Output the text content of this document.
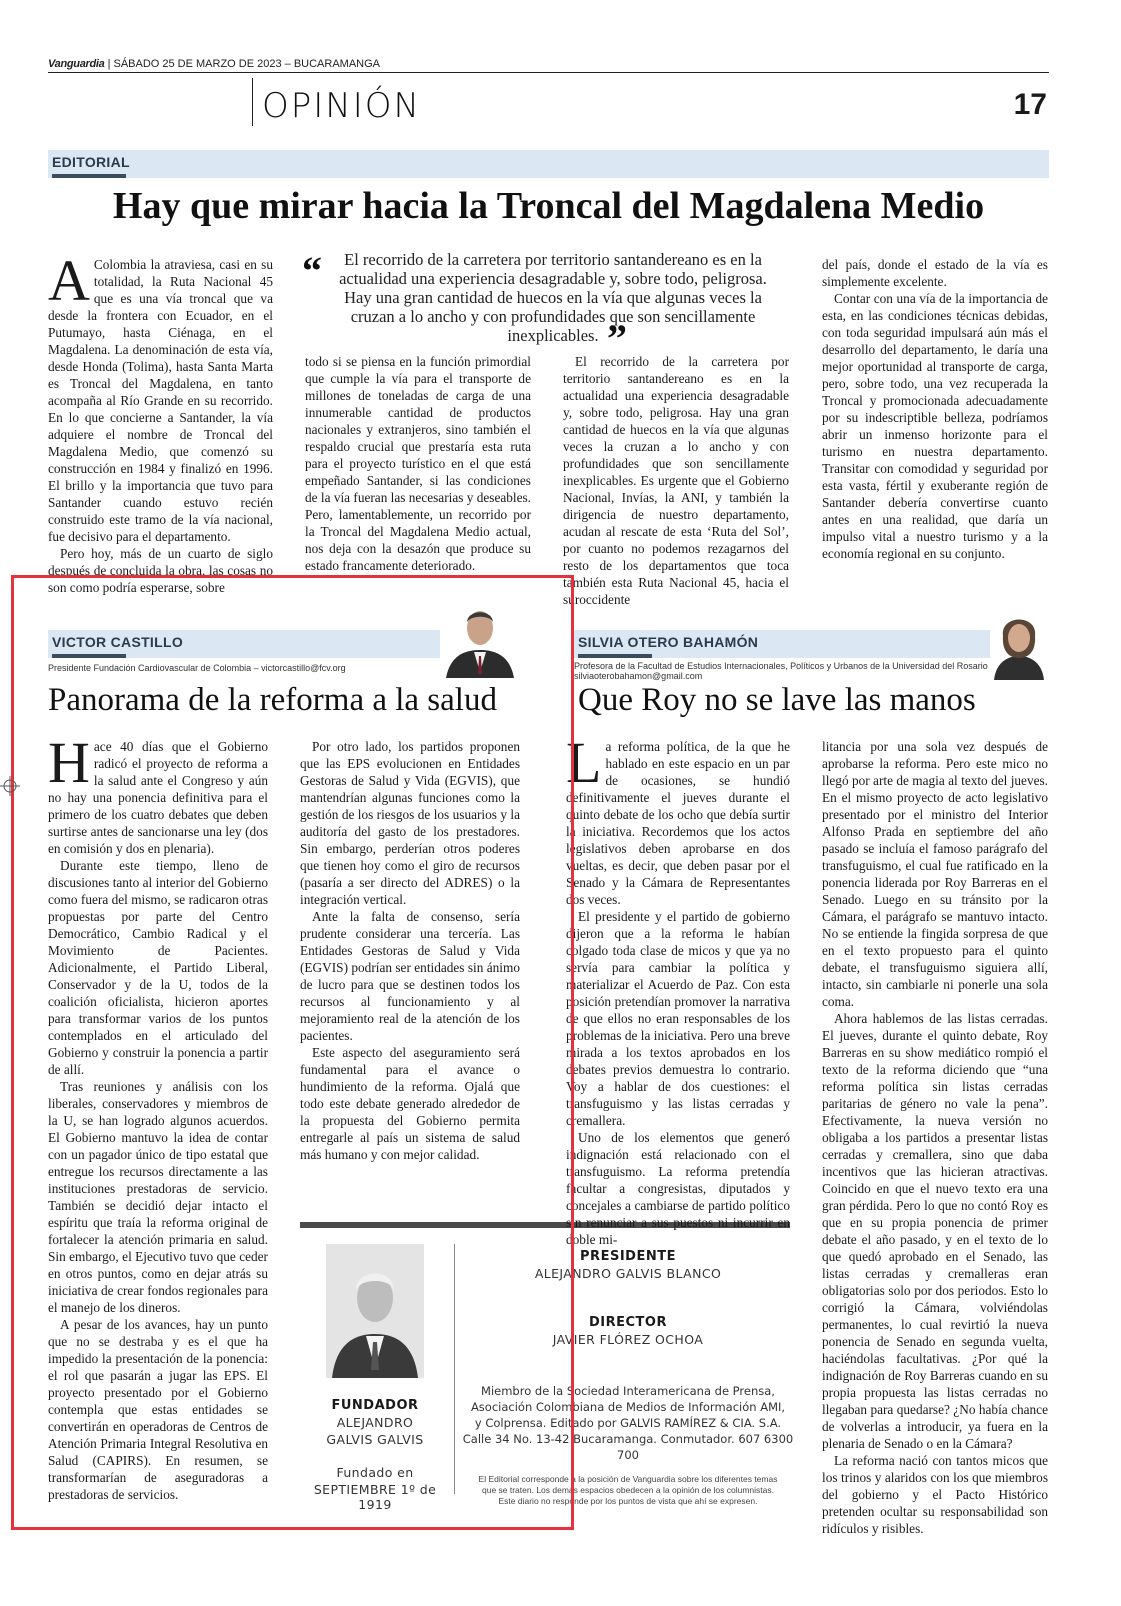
Vanguardia | SÁBADO 25 DE MARZO DE 2023 – BUCARAMANGA
OPINIÓN	17
EDITORIAL
Hay que mirar hacia la Troncal del Magdalena Medio

A Colombia la atraviesa, casi en su totalidad, la Ruta Nacional 45 que es una vía troncal que va desde la frontera con Ecuador, en el Putumayo, hasta Ciénaga, en el Magdalena. La denominación de esta vía, desde Honda (Tolima), hasta Santa Marta es Troncal del Magdalena, en tanto acompaña al Río Grande en su recorrido. En lo que concierne a Santander, la vía adquiere el nombre de Troncal del Magdalena Medio, que comenzó su construcción en 1984 y finalizó en 1996. El brillo y la importancia que tuvo para Santander cuando estuvo recién construido este tramo de la vía nacional, fue decisivo para el departamento.

Pero hoy, más de un cuarto de siglo después de concluida la obra, las cosas no son como podría esperarse, sobre

“	El recorrido de la carretera por territorio santandereano es en la actualidad una experiencia desagradable y, sobre todo, peligrosa. Hay una gran cantidad de huecos en la vía que algunas veces la cruzan a lo ancho y con profundidades que son sencillamente inexplicables. ”

todo si se piensa en la función primordial que cumple la vía para el transporte de millones de toneladas de carga de una innumerable cantidad de productos nacionales y extranjeros, sino también el respaldo crucial que prestaría esta ruta para el proyecto turístico en el que está empeñado Santander, si las condiciones de la vía fueran las necesarias y deseables. Pero, lamentablemente, un recorrido por la Troncal del Magdalena Medio actual, nos deja con la desazón que produce su estado francamente deteriorado.

El recorrido de la carretera por territorio santandereano es en la actualidad una experiencia desagradable y, sobre todo, peligrosa. Hay una gran cantidad de huecos en la vía que algunas veces la cruzan a lo ancho y con profundidades que son sencillamente inexplicables. Es urgente que el Gobierno Nacional, Invías, la ANI, y también la dirigencia de nuestro departamento, acudan al rescate de esta ‘Ruta del Sol’, por cuanto no podemos rezagarnos del resto de los departamentos que toca también esta Ruta Nacional 45, hacia el suroccidente

del país, donde el estado de la vía es simplemente excelente.

Contar con una vía de la importancia de esta, en las condiciones técnicas debidas, con toda seguridad impulsará aún más el desarrollo del departamento, le daría una mejor oportunidad al transporte de carga, pero, sobre todo, una vez recuperada la Troncal y promocionada adecuadamente por su indescriptible belleza, podríamos abrir un inmenso horizonte para el turismo en nuestra departamento. Transitar con comodidad y seguridad por esta vasta, fértil y exuberante región de Santander debería convertirse cuanto antes en una realidad, que daría un impulso vital a nuestro turismo y a la economía regional en su conjunto.

VICTOR CASTILLO
Presidente Fundación Cardiovascular de Colombia – victorcastillo@fcv.org
Panorama de la reforma a la salud

Hace 40 días que el Gobierno radicó el proyecto de reforma a la salud ante el Congreso y aún no hay una ponencia definitiva para el primero de los cuatro debates que deben surtirse antes de sancionarse una ley (dos en comisión y dos en plenaria).

Durante este tiempo, lleno de discusiones tanto al interior del Gobierno como fuera del mismo, se radicaron otras propuestas por parte del Centro Democrático, Cambio Radical y el Movimiento de Pacientes. Adicionalmente, el Partido Liberal, Conservador y de la U, todos de la coalición oficialista, hicieron aportes para transformar varios de los puntos contemplados en el articulado del Gobierno y construir la ponencia a partir de allí.

Tras reuniones y análisis con los liberales, conservadores y miembros de la U, se han logrado algunos acuerdos. El Gobierno mantuvo la idea de contar con un pagador único de tipo estatal que entregue los recursos directamente a las instituciones prestadoras de servicio. También se decidió dejar intacto el espíritu que traía la reforma original de fortalecer la atención primaria en salud. Sin embargo, el Ejecutivo tuvo que ceder en otros puntos, como en dejar atrás su iniciativa de crear fondos regionales para el manejo de los dineros.

A pesar de los avances, hay un punto que no se destraba y es el que ha impedido la presentación de la ponencia: el rol que pasarán a jugar las EPS. El proyecto presentado por el Gobierno contempla que estas entidades se convertirán en operadoras de Centros de Atención Primaria Integral Resolutiva en Salud (CAPIRS). En resumen, se transformarían de aseguradoras a prestadoras de servicios.

Por otro lado, los partidos proponen que las EPS evolucionen en Entidades Gestoras de Salud y Vida (EGVIS), que mantendrían algunas funciones como la gestión de los riesgos de los usuarios y la auditoría del gasto de los prestadores. Sin embargo, perderían otros poderes que tienen hoy como el giro de recursos (pasaría a ser directo del ADRES) o la integración vertical.

Ante la falta de consenso, sería prudente considerar una tercería. Las Entidades Gestoras de Salud y Vida (EGVIS) podrían ser entidades sin ánimo de lucro para que se destinen todos los recursos al funcionamiento y al mejoramiento real de la atención de los pacientes.

Este aspecto del aseguramiento será fundamental para el avance o hundimiento de la reforma. Ojalá que todo este debate generado alrededor de la propuesta del Gobierno permita entregarle al país un sistema de salud más humano y con mejor calidad.

FUNDADOR
ALEJANDRO
GALVIS GALVIS
Fundado en
SEPTIEMBRE 1º de 1919
PRESIDENTE
ALEJANDRO GALVIS BLANCO
DIRECTOR
JAVIER FLÓREZ OCHOA
Miembro de la Sociedad Interamericana de Prensa,
Asociación Colombiana de Medios de Información AMI,
y Colprensa. Editado por GALVIS RAMÍREZ & CIA. S.A.
Calle 34 No. 13-42 Bucaramanga. Conmutador. 607 6300 700
El Editorial corresponde a la posición de Vanguardia sobre los diferentes temas
que se traten. Los demás espacios obedecen a la opinión de los columnistas.
Este diario no responde por los puntos de vista que ahí se expresen.
SILVIA OTERO BAHAMÓN
Profesora de la Facultad de Estudios Internacionales, Políticos y Urbanos de la Universidad del Rosario
silviaoterobahamon@gmail.com
Que Roy no se lave las manos

La reforma política, de la que he hablado en este espacio en un par de ocasiones, se hundió definitivamente el jueves durante el quinto debate de los ocho que debía surtir la iniciativa. Recordemos que los actos legislativos deben aprobarse en dos vueltas, es decir, que deben pasar por el Senado y la Cámara de Representantes dos veces.

El presidente y el partido de gobierno dijeron que a la reforma le habían colgado toda clase de micos y que ya no servía para cambiar la política y materializar el Acuerdo de Paz. Con esta posición pretendían promover la narrativa de que ellos no eran responsables de los problemas de la iniciativa. Pero una breve mirada a los textos aprobados en los debates previos demuestra lo contrario. Voy a hablar de dos cuestiones: el transfuguismo y las listas cerradas y cremallera.

Uno de los elementos que generó indignación está relacionado con el transfuguismo. La reforma pretendía facultar a congresistas, diputados y concejales a cambiarse de partido político sin renunciar a sus puestos ni incurrir en doble mi-

litancia por una sola vez después de aprobarse la reforma. Pero este mico no llegó por arte de magia al texto del jueves. En el mismo proyecto de acto legislativo presentado por el ministro del Interior Alfonso Prada en septiembre del año pasado se incluía el famoso parágrafo del transfuguismo, el cual fue ratificado en la ponencia liderada por Roy Barreras en el Senado. Luego en su tránsito por la Cámara, el parágrafo se mantuvo intacto. No se entiende la fingida sorpresa de que en el texto propuesto para el quinto debate, el transfuguismo siguiera allí, intacto, sin cambiarle ni ponerle una sola coma.

Ahora hablemos de las listas cerradas. El jueves, durante el quinto debate, Roy Barreras en su show mediático rompió el texto de la reforma diciendo que “una reforma política sin listas cerradas paritarias de género no vale la pena”. Efectivamente, la nueva versión no obligaba a los partidos a presentar listas cerradas y cremallera, sino que daba incentivos que las hicieran atractivas. Coincido en que el nuevo texto era una gran pérdida. Pero lo que no contó Roy es que en su propia ponencia de primer debate el año pasado, y en el texto de lo que quedó aprobado en el Senado, las listas cerradas y cremalleras eran obligatorias solo por dos periodos. Esto lo corrigió la Cámara, volviéndolas permanentes, lo cual revirtió la nueva ponencia de Senado en segunda vuelta, haciéndolas facultativas. ¿Por qué la indignación de Roy Barreras cuando en su propia propuesta las listas cerradas no llegaban para quedarse? ¿No había chance de volverlas a introducir, ya fuera en la plenaria de Senado o en la Cámara?

La reforma nació con tantos micos que los trinos y alaridos con los que miembros del gobierno y el Pacto Histórico pretenden ocultar su responsabilidad son ridículos y risibles.
